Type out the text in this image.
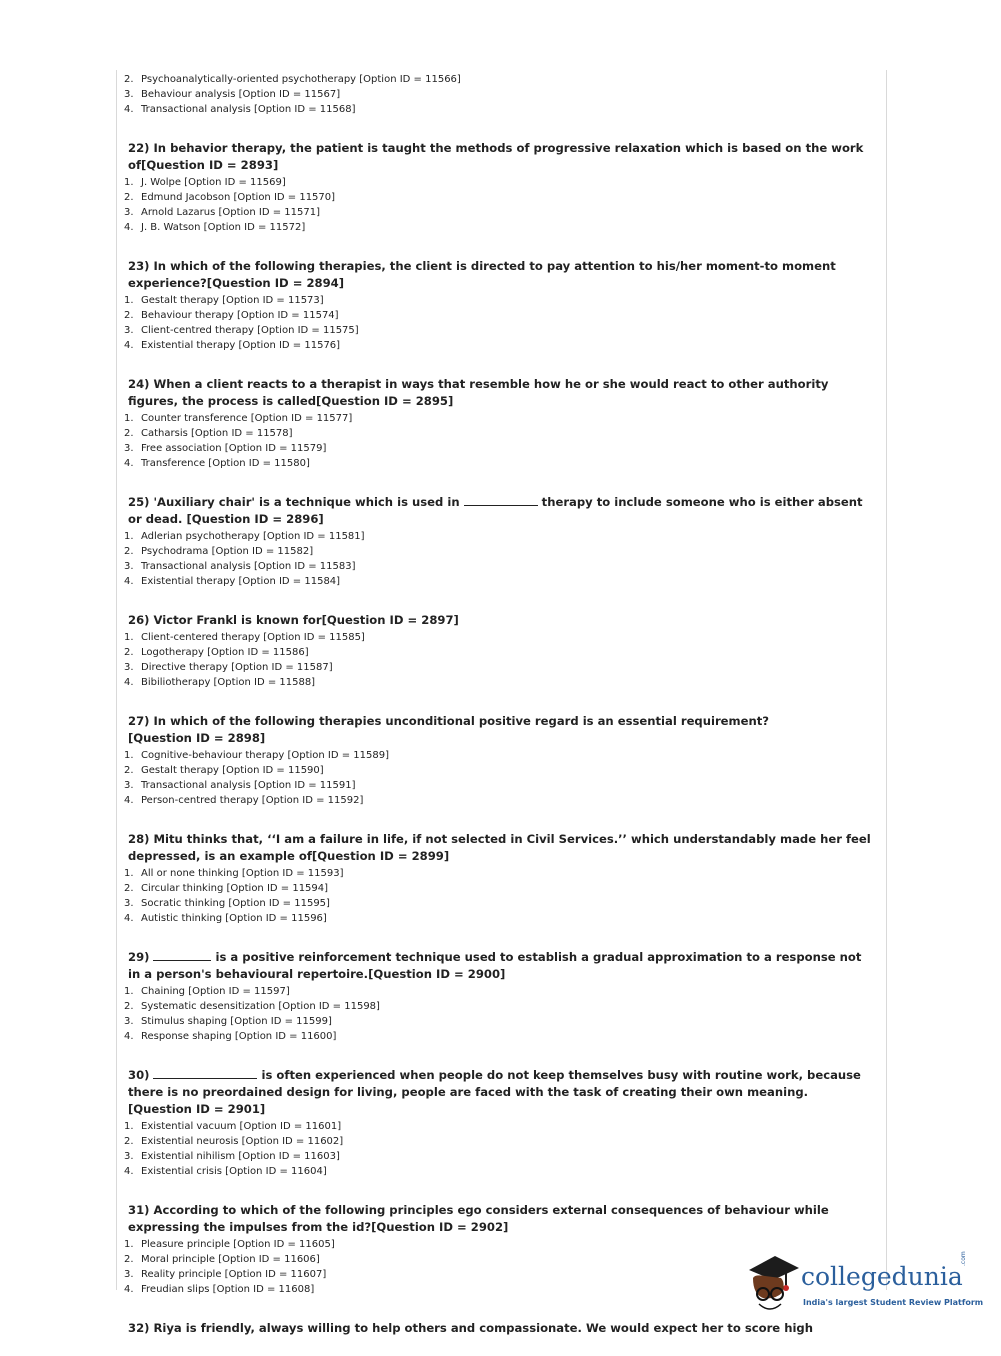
2. Psychoanalytically-oriented psychotherapy [Option ID = 11566]
3. Behaviour analysis [Option ID = 11567]
4. Transactional analysis [Option ID = 11568]
22) In behavior therapy, the patient is taught the methods of progressive relaxation which is based on the work of[Question ID = 2893]
1. J. Wolpe [Option ID = 11569]
2. Edmund Jacobson [Option ID = 11570]
3. Arnold Lazarus [Option ID = 11571]
4. J. B. Watson [Option ID = 11572]
23) In which of the following therapies, the client is directed to pay attention to his/her moment-to moment experience?[Question ID = 2894]
1. Gestalt therapy [Option ID = 11573]
2. Behaviour therapy [Option ID = 11574]
3. Client-centred therapy [Option ID = 11575]
4. Existential therapy [Option ID = 11576]
24) When a client reacts to a therapist in ways that resemble how he or she would react to other authority figures, the process is called[Question ID = 2895]
1. Counter transference [Option ID = 11577]
2. Catharsis [Option ID = 11578]
3. Free association [Option ID = 11579]
4. Transference [Option ID = 11580]
25) 'Auxiliary chair' is a technique which is used in	therapy to include someone who is either absent or dead. [Question ID = 2896]
1. Adlerian psychotherapy [Option ID = 11581]
2. Psychodrama [Option ID = 11582]
3. Transactional analysis [Option ID = 11583]
4. Existential therapy [Option ID = 11584]
26) Victor Frankl is known for[Question ID = 2897]
1. Client-centered therapy [Option ID = 11585]
2. Logotherapy [Option ID = 11586]
3. Directive therapy [Option ID = 11587]
4. Bibiliotherapy [Option ID = 11588]
27) In which of the following therapies unconditional positive regard is an essential requirement?[Question ID = 2898]
1. Cognitive-behaviour therapy [Option ID = 11589]
2. Gestalt therapy [Option ID = 11590]
3. Transactional analysis [Option ID = 11591]
4. Person-centred therapy [Option ID = 11592]
28) Mitu thinks that, ‘‘I am a failure in life, if not selected in Civil Services.’’ which understandably made her feel depressed, is an example of[Question ID = 2899]
1. All or none thinking [Option ID = 11593]
2. Circular thinking [Option ID = 11594]
3. Socratic thinking [Option ID = 11595]
4. Autistic thinking [Option ID = 11596]
29)	is a positive reinforcement technique used to establish a gradual approximation to a response not in a person's behavioural repertoire.[Question ID = 2900]
1. Chaining [Option ID = 11597]
2. Systematic desensitization [Option ID = 11598]
3. Stimulus shaping [Option ID = 11599]
4. Response shaping [Option ID = 11600]
30)	is often experienced when people do not keep themselves busy with routine work, because there is no preordained design for living, people are faced with the task of creating their own meaning.[Question ID = 2901]
1. Existential vacuum [Option ID = 11601]
2. Existential neurosis [Option ID = 11602]
3. Existential nihilism [Option ID = 11603]
4. Existential crisis [Option ID = 11604]
31) According to which of the following principles ego considers external consequences of behaviour while expressing the impulses from the id?[Question ID = 2902]
1. Pleasure principle [Option ID = 11605]
2. Moral principle [Option ID = 11606]
3. Reality principle [Option ID = 11607]
4. Freudian slips [Option ID = 11608]
32) Riya is friendly, always willing to help others and compassionate. We would expect her to score high
collegedunia
.com
India's largest Student Review Platform
